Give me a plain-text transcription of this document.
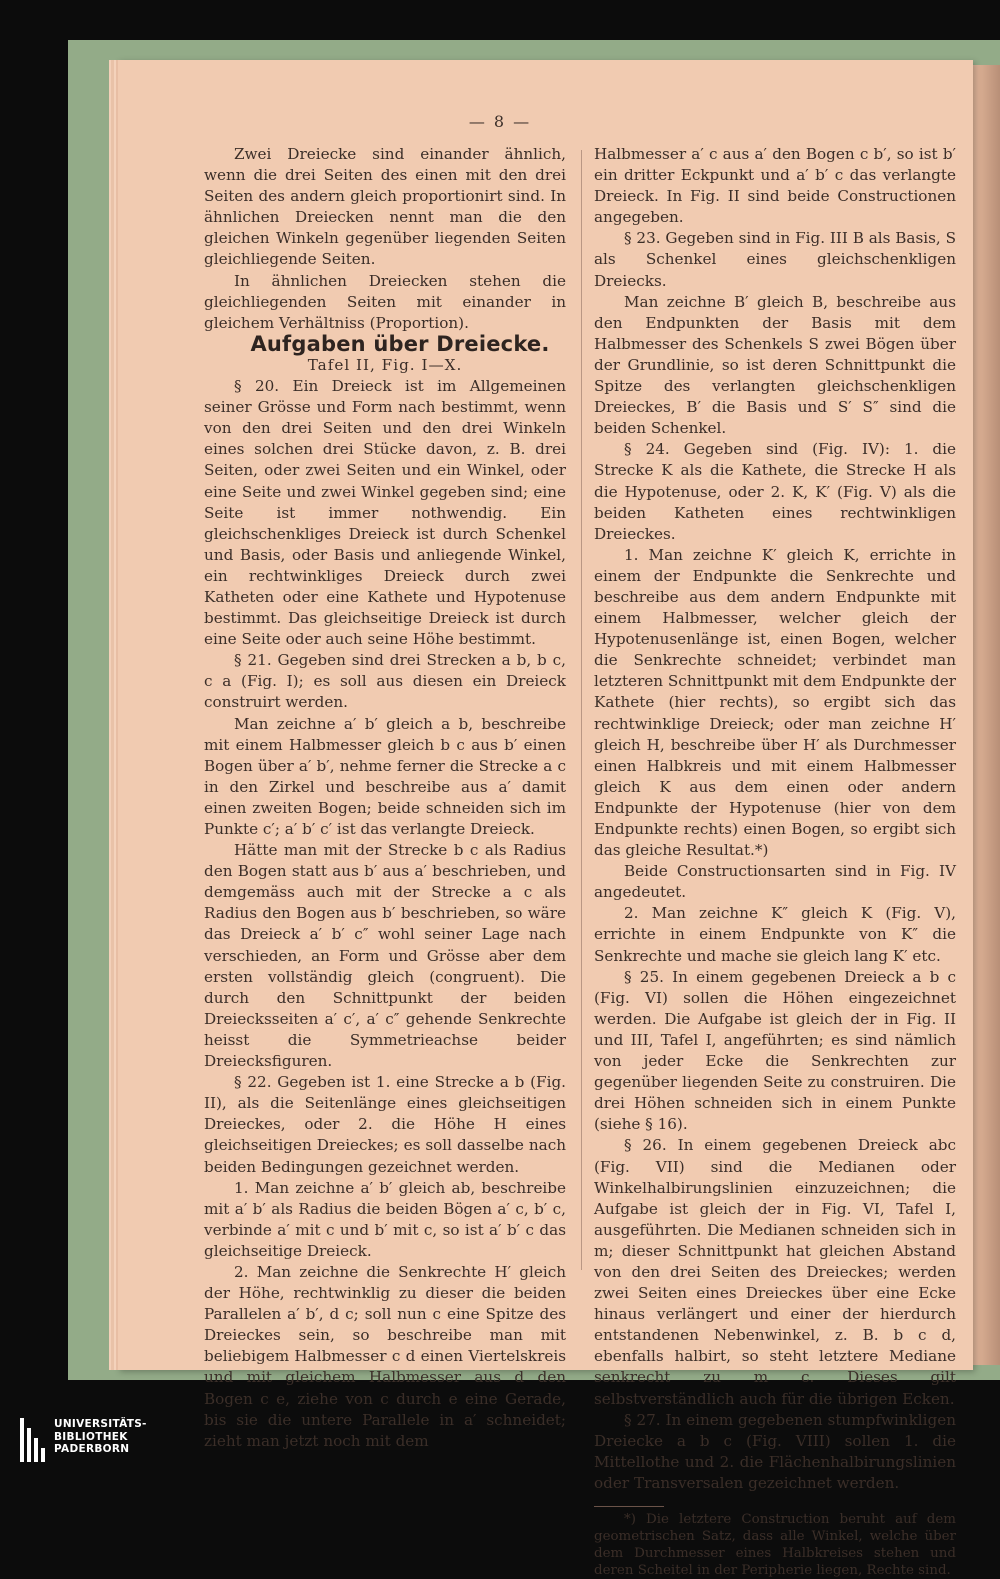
— 8 —

Zwei Dreiecke sind einander ähnlich, wenn die drei Seiten des einen mit den drei Seiten des andern gleich proportionirt sind. In ähnlichen Dreiecken nennt man die den gleichen Winkeln gegenüber liegenden Seiten gleichliegende Seiten.

In ähnlichen Dreiecken stehen die gleichliegenden Seiten mit einander in gleichem Verhältniss (Proportion).

Aufgaben über Dreiecke.

Tafel II, Fig. I—X.

§ 20. Ein Dreieck ist im Allgemeinen seiner Grösse und Form nach bestimmt, wenn von den drei Seiten und den drei Winkeln eines solchen drei Stücke davon, z. B. drei Seiten, oder zwei Seiten und ein Winkel, oder eine Seite und zwei Winkel gegeben sind; eine Seite ist immer nothwendig. Ein gleichschenkliges Dreieck ist durch Schenkel und Basis, oder Basis und anliegende Winkel, ein rechtwinkliges Dreieck durch zwei Katheten oder eine Kathete und Hypotenuse bestimmt. Das gleichseitige Dreieck ist durch eine Seite oder auch seine Höhe bestimmt.

§ 21. Gegeben sind drei Strecken a b, b c, c a (Fig. I); es soll aus diesen ein Dreieck construirt werden.

Man zeichne a′ b′ gleich a b, beschreibe mit einem Halbmesser gleich b c aus b′ einen Bogen über a′ b′, nehme ferner die Strecke a c in den Zirkel und beschreibe aus a′ damit einen zweiten Bogen; beide schneiden sich im Punkte c′; a′ b′ c′ ist das verlangte Dreieck.

Hätte man mit der Strecke b c als Radius den Bogen statt aus b′ aus a′ beschrieben, und demgemäss auch mit der Strecke a c als Radius den Bogen aus b′ beschrieben, so wäre das Dreieck a′ b′ c″ wohl seiner Lage nach verschieden, an Form und Grösse aber dem ersten vollständig gleich (congruent). Die durch den Schnittpunkt der beiden Dreiecksseiten a′ c′, a′ c″ gehende Senkrechte heisst die Symmetrieachse beider Dreiecksfiguren.

§ 22. Gegeben ist 1. eine Strecke a b (Fig. II), als die Seitenlänge eines gleichseitigen Dreieckes, oder 2. die Höhe H eines gleichseitigen Dreieckes; es soll dasselbe nach beiden Bedingungen gezeichnet werden.

1. Man zeichne a′ b′ gleich ab, beschreibe mit a′ b′ als Radius die beiden Bögen a′ c, b′ c, verbinde a′ mit c und b′ mit c, so ist a′ b′ c das gleichseitige Dreieck.

2. Man zeichne die Senkrechte H′ gleich der Höhe, rechtwinklig zu dieser die beiden Parallelen a′ b′, d c; soll nun c eine Spitze des Dreieckes sein, so beschreibe man mit beliebigem Halbmesser c d einen Viertelskreis und mit gleichem Halbmesser aus d den Bogen c e, ziehe von c durch e eine Gerade, bis sie die untere Parallele in a′ schneidet; zieht man jetzt noch mit dem

Halbmesser a′ c aus a′ den Bogen c b′, so ist b′ ein dritter Eckpunkt und a′ b′ c das verlangte Dreieck. In Fig. II sind beide Constructionen angegeben.

§ 23. Gegeben sind in Fig. III B als Basis, S als Schenkel eines gleichschenkligen Dreiecks.

Man zeichne B′ gleich B, beschreibe aus den Endpunkten der Basis mit dem Halbmesser des Schenkels S zwei Bögen über der Grundlinie, so ist deren Schnittpunkt die Spitze des verlangten gleichschenkligen Dreieckes, B′ die Basis und S′ S″ sind die beiden Schenkel.

§ 24. Gegeben sind (Fig. IV): 1. die Strecke K als die Kathete, die Strecke H als die Hypotenuse, oder 2. K, K′ (Fig. V) als die beiden Katheten eines rechtwinkligen Dreieckes.

1. Man zeichne K′ gleich K, errichte in einem der Endpunkte die Senkrechte und beschreibe aus dem andern Endpunkte mit einem Halbmesser, welcher gleich der Hypotenusenlänge ist, einen Bogen, welcher die Senkrechte schneidet; verbindet man letzteren Schnittpunkt mit dem Endpunkte der Kathete (hier rechts), so ergibt sich das rechtwinklige Dreieck; oder man zeichne H′ gleich H, beschreibe über H′ als Durchmesser einen Halbkreis und mit einem Halbmesser gleich K aus dem einen oder andern Endpunkte der Hypotenuse (hier von dem Endpunkte rechts) einen Bogen, so ergibt sich das gleiche Resultat.*)

Beide Constructionsarten sind in Fig. IV angedeutet.

2. Man zeichne K″ gleich K (Fig. V), errichte in einem Endpunkte von K″ die Senkrechte und mache sie gleich lang K′ etc.

§ 25. In einem gegebenen Dreieck a b c (Fig. VI) sollen die Höhen eingezeichnet werden. Die Aufgabe ist gleich der in Fig. II und III, Tafel I, angeführten; es sind nämlich von jeder Ecke die Senkrechten zur gegenüber liegenden Seite zu construiren. Die drei Höhen schneiden sich in einem Punkte (siehe § 16).

§ 26. In einem gegebenen Dreieck abc (Fig. VII) sind die Medianen oder Winkelhalbirungslinien einzuzeichnen; die Aufgabe ist gleich der in Fig. VI, Tafel I, ausgeführten. Die Medianen schneiden sich in m; dieser Schnittpunkt hat gleichen Abstand von den drei Seiten des Dreieckes; werden zwei Seiten eines Dreieckes über eine Ecke hinaus verlängert und einer der hierdurch entstandenen Nebenwinkel, z. B. b c d, ebenfalls halbirt, so steht letztere Mediane senkrecht zu m c. Dieses gilt selbstverständlich auch für die übrigen Ecken.

§ 27. In einem gegebenen stumpfwinkligen Dreiecke a b c (Fig. VIII) sollen 1. die Mittellothe und 2. die Flächenhalbirungslinien oder Transversalen gezeichnet werden.

*) Die letztere Construction beruht auf dem geometrischen Satz, dass alle Winkel, welche über dem Durchmesser eines Halbkreises stehen und deren Scheitel in der Peripherie liegen, Rechte sind.

UNIVERSITÄTS-
BIBLIOTHEK
PADERBORN
